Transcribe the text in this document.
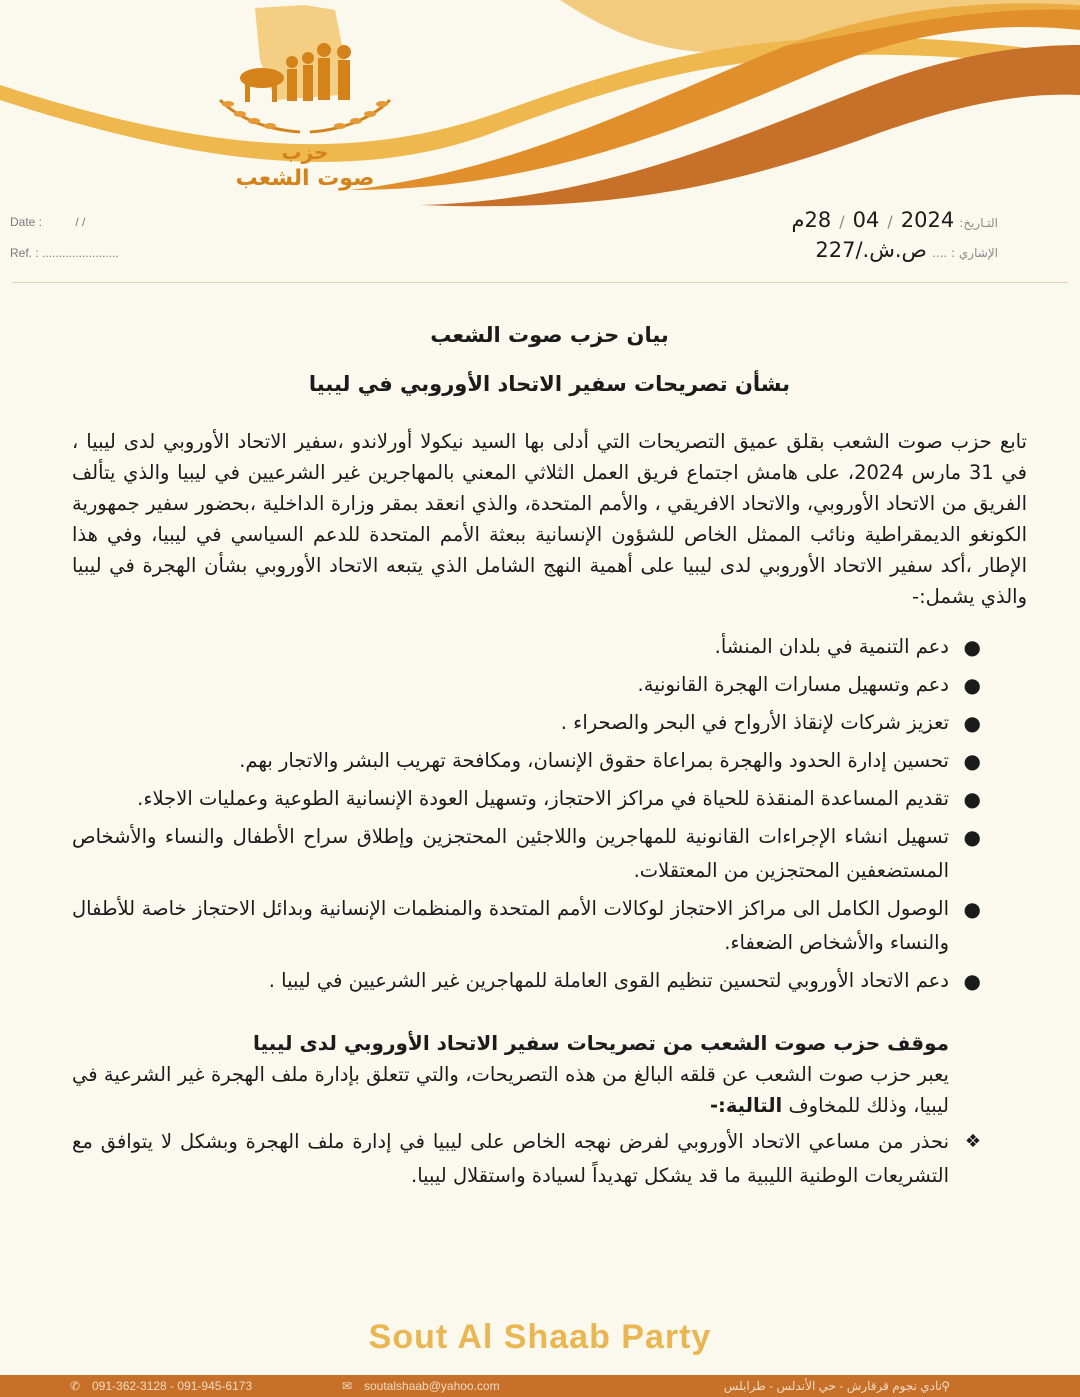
حزب
صوت الشعب
Date :	/ /
Ref. : .......................
التـاريخ: 28 / 04 /2024م
الإشاري : .... ص.ش./227

بيان حزب صوت الشعب

بشأن تصريحات سفير الاتحاد الأوروبي في ليبيا

تابع حزب صوت الشعب بقلق عميق التصريحات التي أدلى بها السيد نيكولا أورلاندو ،سفير الاتحاد الأوروبي لدى ليبيا ، في 31 مارس 2024، على هامش اجتماع فريق العمل الثلاثي المعني بالمهاجرين غير الشرعيين في ليبيا والذي يتألف الفريق من الاتحاد الأوروبي، والاتحاد الافريقي ، والأمم المتحدة، والذي انعقد بمقر وزارة الداخلية ،بحضور سفير جمهورية الكونغو الديمقراطية ونائب الممثل الخاص للشؤون الإنسانية ببعثة الأمم المتحدة للدعم السياسي في ليبيا، وفي هذا الإطار ،أكد سفير الاتحاد الأوروبي لدى ليبيا على أهمية النهج الشامل الذي يتبعه الاتحاد الأوروبي بشأن الهجرة في ليبيا والذي يشمل:-

●
دعم التنمية في بلدان المنشأ.
●
دعم وتسهيل مسارات الهجرة القانونية.
●
تعزيز شركات لإنقاذ الأرواح في البحر والصحراء .
●
تحسين إدارة الحدود والهجرة بمراعاة حقوق الإنسان، ومكافحة تهريب البشر والاتجار بهم.
●
تقديم المساعدة المنقذة للحياة في مراكز الاحتجاز، وتسهيل العودة الإنسانية الطوعية وعمليات الاجلاء.
●
تسهيل انشاء الإجراءات القانونية للمهاجرين واللاجئين المحتجزين وإطلاق سراح الأطفال والنساء والأشخاص المستضعفين المحتجزين من المعتقلات.
●
الوصول الكامل الى مراكز الاحتجاز لوكالات الأمم المتحدة والمنظمات الإنسانية وبدائل الاحتجاز خاصة للأطفال والنساء والأشخاص الضعفاء.
●
دعم الاتحاد الأوروبي لتحسين تنظيم القوى العاملة للمهاجرين غير الشرعيين في ليبيا .

موقف حزب صوت الشعب من تصريحات سفير الاتحاد الأوروبي لدى ليبيا

يعبر حزب صوت الشعب عن قلقه البالغ من هذه التصريحات، والتي تتعلق بإدارة ملف الهجرة غير الشرعية في ليبيا، وذلك للمخاوف التالية:-

❖
نحذر من مساعي الاتحاد الأوروبي لفرض نهجه الخاص على ليبيا في إدارة ملف الهجرة وبشكل لا يتوافق مع التشريعات الوطنية الليبية ما قد يشكل تهديداً لسيادة واستقلال ليبيا.
Sout Al Shaab Party
✆ 091-362-3128 - 091-945-6173	✉ soutalshaab@yahoo.com	نادي نجوم قرقارش - حي الأندلس - طرابلس ⚲
